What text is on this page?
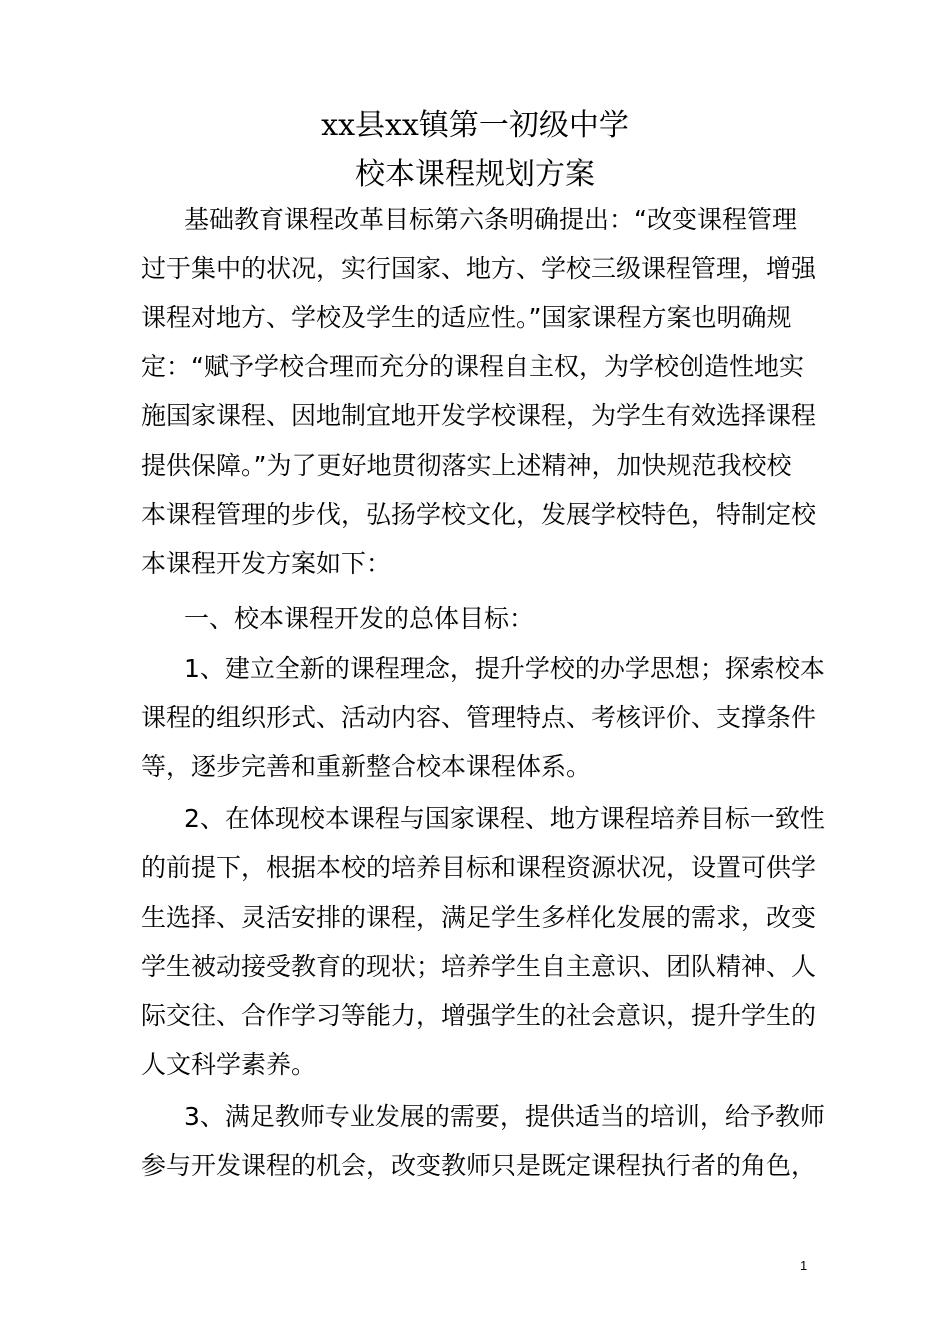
xx县xx镇第一初级中学
校本课程规划方案
基础教育课程改革目标第六条明确提出：“改变课程管理
过于集中的状况，实行国家、地方、学校三级课程管理，增强
课程对地方、学校及学生的适应性。”国家课程方案也明确规
定：“赋予学校合理而充分的课程自主权，为学校创造性地实
施国家课程、因地制宜地开发学校课程，为学生有效选择课程
提供保障。”为了更好地贯彻落实上述精神，加快规范我校校
本课程管理的步伐，弘扬学校文化，发展学校特色，特制定校
本课程开发方案如下：
一、校本课程开发的总体目标：
1、建立全新的课程理念，提升学校的办学思想；探索校本
课程的组织形式、活动内容、管理特点、考核评价、支撑条件
等，逐步完善和重新整合校本课程体系。
2、在体现校本课程与国家课程、地方课程培养目标一致性
的前提下，根据本校的培养目标和课程资源状况，设置可供学
生选择、灵活安排的课程，满足学生多样化发展的需求，改变
学生被动接受教育的现状；培养学生自主意识、团队精神、人
际交往、合作学习等能力，增强学生的社会意识，提升学生的
人文科学素养。
3、满足教师专业发展的需要，提供适当的培训，给予教师
参与开发课程的机会，改变教师只是既定课程执行者的角色，
1
